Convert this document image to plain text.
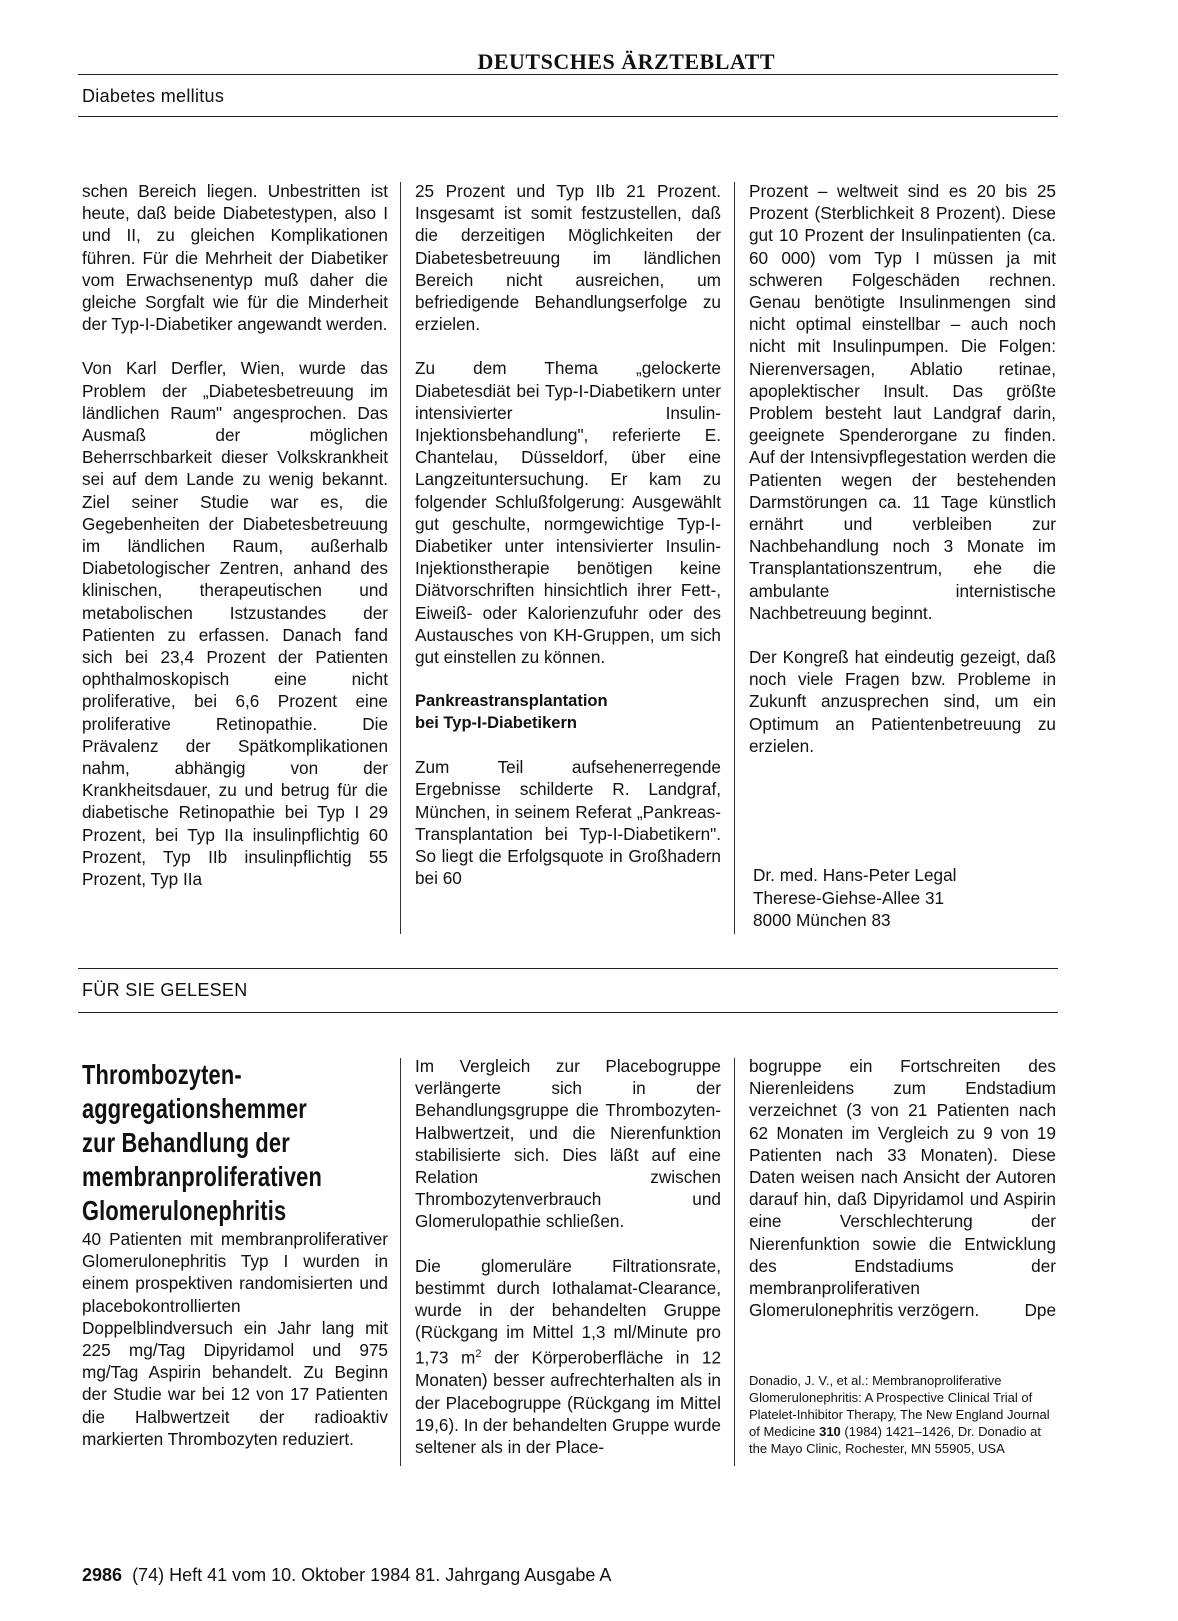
DEUTSCHES ÄRZTEBLATT
Diabetes mellitus

schen Bereich liegen. Unbestritten ist heute, daß beide Diabetestypen, also I und II, zu gleichen Komplikationen führen. Für die Mehrheit der Diabetiker vom Erwachsenentyp muß daher die gleiche Sorgfalt wie für die Minderheit der Typ-I-Diabetiker angewandt werden.

Von Karl Derfler, Wien, wurde das Problem der „Diabetesbetreuung im ländlichen Raum" angesprochen. Das Ausmaß der möglichen Beherrschbarkeit dieser Volkskrankheit sei auf dem Lande zu wenig bekannt. Ziel seiner Studie war es, die Gegebenheiten der Diabetesbetreuung im ländlichen Raum, außerhalb Diabetologischer Zentren, anhand des klinischen, therapeutischen und metabolischen Istzustandes der Patienten zu erfassen. Danach fand sich bei 23,4 Prozent der Patienten ophthalmoskopisch eine nicht proliferative, bei 6,6 Prozent eine proliferative Retinopathie. Die Prävalenz der Spätkomplikationen nahm, abhängig von der Krankheitsdauer, zu und betrug für die diabetische Retinopathie bei Typ I 29 Prozent, bei Typ IIa insulinpflichtig 60 Prozent, Typ IIb insulinpflichtig 55 Prozent, Typ IIa

25 Prozent und Typ IIb 21 Prozent. Insgesamt ist somit festzustellen, daß die derzeitigen Möglichkeiten der Diabetesbetreuung im ländlichen Bereich nicht ausreichen, um befriedigende Behandlungserfolge zu erzielen.

Zu dem Thema „gelockerte Diabetesdiät bei Typ-I-Diabetikern unter intensivierter Insulin-Injektionsbehandlung", referierte E. Chantelau, Düsseldorf, über eine Langzeituntersuchung. Er kam zu folgender Schlußfolgerung: Ausgewählt gut geschulte, normgewichtige Typ-I-Diabetiker unter intensivierter Insulin-Injektionstherapie benötigen keine Diätvorschriften hinsichtlich ihrer Fett-, Eiweiß- oder Kalorienzufuhr oder des Austausches von KH-Gruppen, um sich gut einstellen zu können.

Pankreastransplantation
bei Typ-I-Diabetikern

Zum Teil aufsehenerregende Ergebnisse schilderte R. Landgraf, München, in seinem Referat „Pankreas-Transplantation bei Typ-I-Diabetikern". So liegt die Erfolgsquote in Großhadern bei 60

Prozent – weltweit sind es 20 bis 25 Prozent (Sterblichkeit 8 Prozent). Diese gut 10 Prozent der Insulinpatienten (ca. 60 000) vom Typ I müssen ja mit schweren Folgeschäden rechnen. Genau benötigte Insulinmengen sind nicht optimal einstellbar – auch noch nicht mit Insulinpumpen. Die Folgen: Nierenversagen, Ablatio retinae, apoplektischer Insult. Das größte Problem besteht laut Landgraf darin, geeignete Spenderorgane zu finden. Auf der Intensivpflegestation werden die Patienten wegen der bestehenden Darmstörungen ca. 11 Tage künstlich ernährt und verbleiben zur Nachbehandlung noch 3 Monate im Transplantationszentrum, ehe die ambulante internistische Nachbetreuung beginnt.

Der Kongreß hat eindeutig gezeigt, daß noch viele Fragen bzw. Probleme in Zukunft anzusprechen sind, um ein Optimum an Patientenbetreuung zu erzielen.

Dr. med. Hans-Peter Legal
Therese-Giehse-Allee 31
8000 München 83
FÜR SIE GELESEN
Thrombozyten-
aggregationshemmer
zur Behandlung der
membranproliferativen
Glomerulonephritis

40 Patienten mit membranproliferativer Glomerulonephritis Typ I wurden in einem prospektiven randomisierten und placebokontrollierten Doppelblindversuch ein Jahr lang mit 225 mg/Tag Dipyridamol und 975 mg/Tag Aspirin behandelt. Zu Beginn der Studie war bei 12 von 17 Patienten die Halbwertzeit der radioaktiv markierten Thrombozyten reduziert.

Im Vergleich zur Placebogruppe verlängerte sich in der Behandlungsgruppe die Thrombozyten-Halbwertzeit, und die Nierenfunktion stabilisierte sich. Dies läßt auf eine Relation zwischen Thrombozytenverbrauch und Glomerulopathie schließen.

Die glomeruläre Filtrationsrate, bestimmt durch Iothalamat-Clearance, wurde in der behandelten Gruppe (Rückgang im Mittel 1,3 ml/Minute pro 1,73 $m^2$ der Körperoberfläche in 12 Monaten) besser aufrechterhalten als in der Placebogruppe (Rückgang im Mittel 19,6). In der behandelten Gruppe wurde seltener als in der Place-

bogruppe ein Fortschreiten des Nierenleidens zum Endstadium verzeichnet (3 von 21 Patienten nach 62 Monaten im Vergleich zu 9 von 19 Patienten nach 33 Monaten). Diese Daten weisen nach Ansicht der Autoren darauf hin, daß Dipyridamol und Aspirin eine Verschlechterung der Nierenfunktion sowie die Entwicklung des Endstadiums der membranproliferativen Glomerulonephritis verzögern.	Dpe

Donadio, J. V., et al.: Membranoproliferative Glomerulonephritis: A Prospective Clinical Trial of Platelet-Inhibitor Therapy, The New England Journal of Medicine 310 (1984) 1421–1426, Dr. Donadio at the Mayo Clinic, Rochester, MN 55905, USA
2986 (74) Heft 41 vom 10. Oktober 1984 81. Jahrgang Ausgabe A
